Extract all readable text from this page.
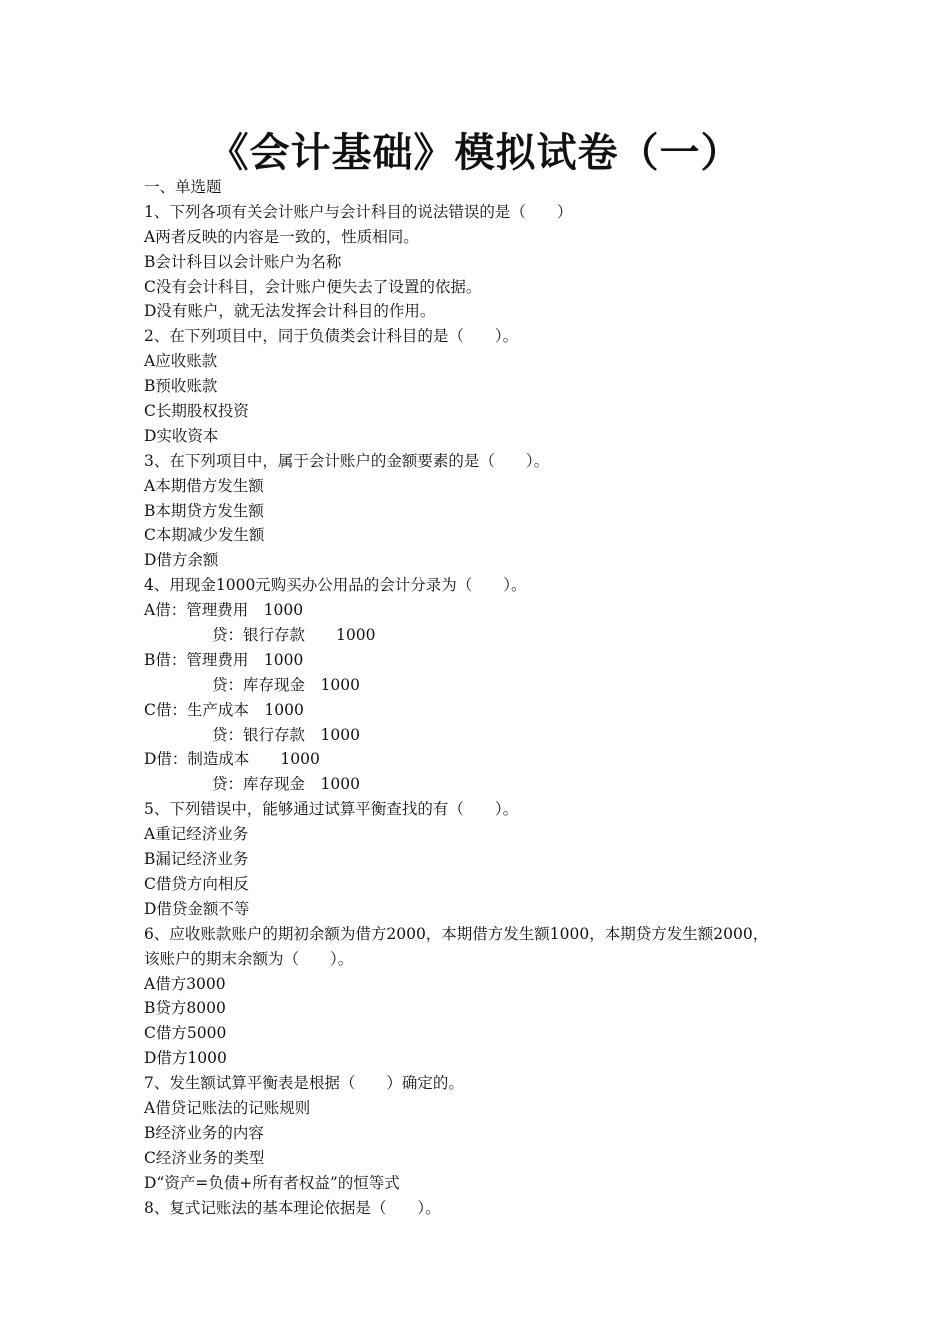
《会计基础》模拟试卷（一）
一、单选题
1、下列各项有关会计账户与会计科目的说法错误的是（　　）
A两者反映的内容是一致的，性质相同。
B会计科目以会计账户为名称
C没有会计科目，会计账户便失去了设置的依据。
D没有账户，就无法发挥会计科目的作用。
2、在下列项目中，同于负债类会计科目的是（　　）。
A应收账款
B预收账款
C长期股权投资
D实收资本
3、在下列项目中，属于会计账户的金额要素的是（　　）。
A本期借方发生额
B本期贷方发生额
C本期减少发生额
D借方余额
4、用现金1000元购买办公用品的会计分录为（　　）。
A借：管理费用　1000
贷：银行存款　　1000
B借：管理费用　1000
贷：库存现金　1000
C借：生产成本　1000
贷：银行存款　1000
D借：制造成本　　1000
贷：库存现金　1000
5、下列错误中，能够通过试算平衡查找的有（　　）。
A重记经济业务
B漏记经济业务
C借贷方向相反
D借贷金额不等
6、应收账款账户的期初余额为借方2000，本期借方发生额1000，本期贷方发生额2000，
该账户的期末余额为（　　）。
A借方3000
B贷方8000
C借方5000
D借方1000
7、发生额试算平衡表是根据（　　）确定的。
A借贷记账法的记账规则
B经济业务的内容
C经济业务的类型
D“资产=负债+所有者权益”的恒等式
8、复式记账法的基本理论依据是（　　）。
